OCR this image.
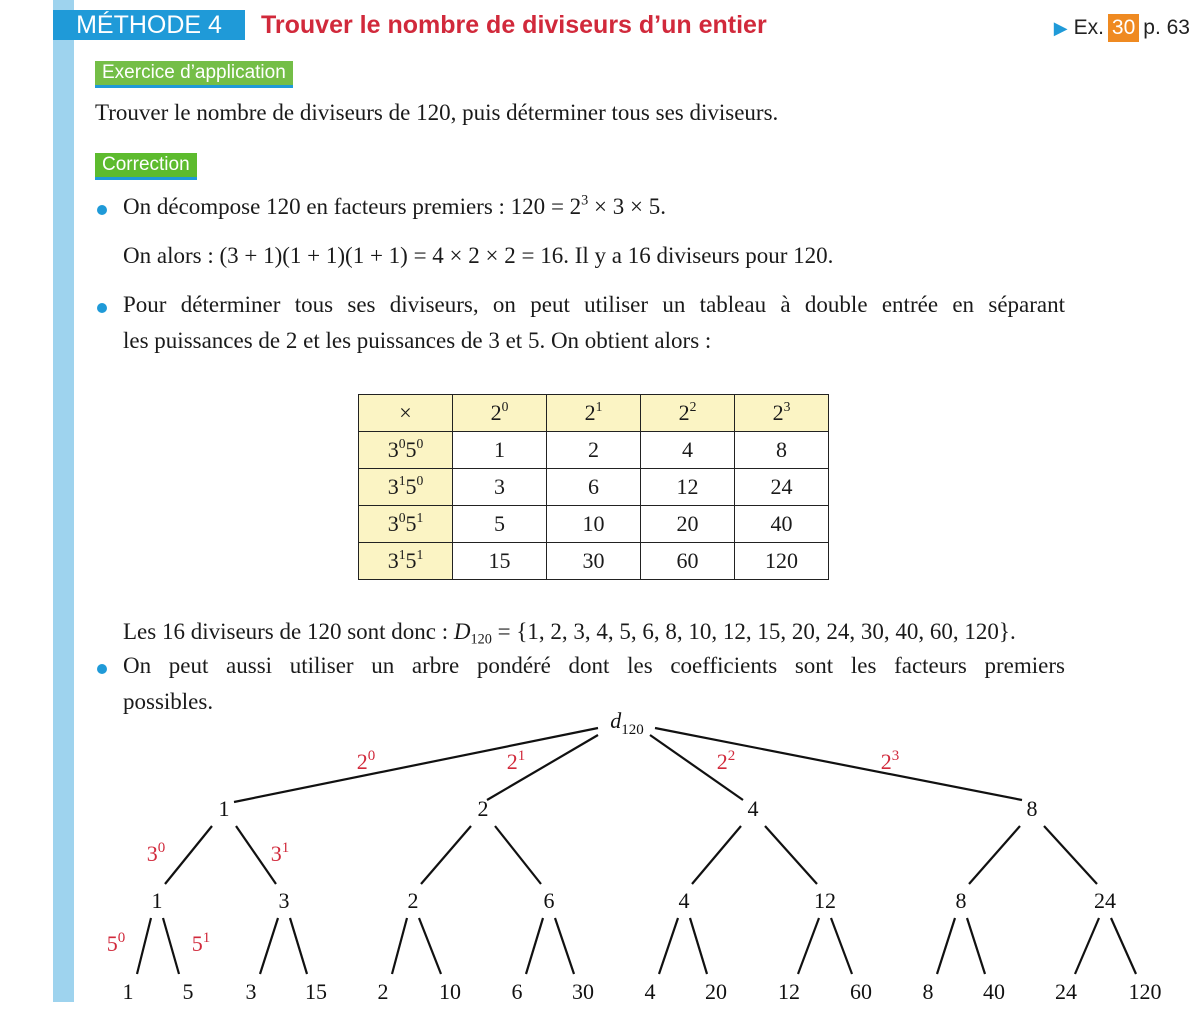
MÉTHODE 4	Trouver le nombre de diviseurs d’un entier	▶ Ex. 30 p. 63
Exercice d’application
Trouver le nombre de diviseurs de 120, puis déterminer tous ses diviseurs.
Correction
On décompose 120 en facteurs premiers : $120 = 2^3 \times 3 \times 5$.
On alors : (3 + 1)(1 + 1)(1 + 1) = 4 × 2 × 2 = 16. Il y a 16 diviseurs pour 120.
Pour déterminer tous ses diviseurs, on peut utiliser un tableau à double entrée en séparant
les puissances de 2 et les puissances de 3 et 5. On obtient alors :
×	$2^0$	$2^1$	$2^2$	$2^3$
$3^05^0$	1	2	4	8
$3^15^0$	3	6	12	24
$3^05^1$	5	10	20	40
$3^15^1$	15	30	60	120
Les 16 diviseurs de 120 sont donc : $D_{120} = \{1$, 2, 3, 4, 5, 6, 8, 10, 12, 15, 20, 24, 30, 40, 60, 120}.
On peut aussi utiliser un arbre pondéré dont les coefficients sont les facteurs premiers
possibles.
$d_{120}$
1
$2^0$
2
$2^1$
4
$2^2$
8
$2^3$
1	3	2	6	4	12	8	24
$3^0$	$3^1$
1 5 3 15 2 10 6 30 4 20 12 60 8 40 24 120
$5^0$	$5^1$
